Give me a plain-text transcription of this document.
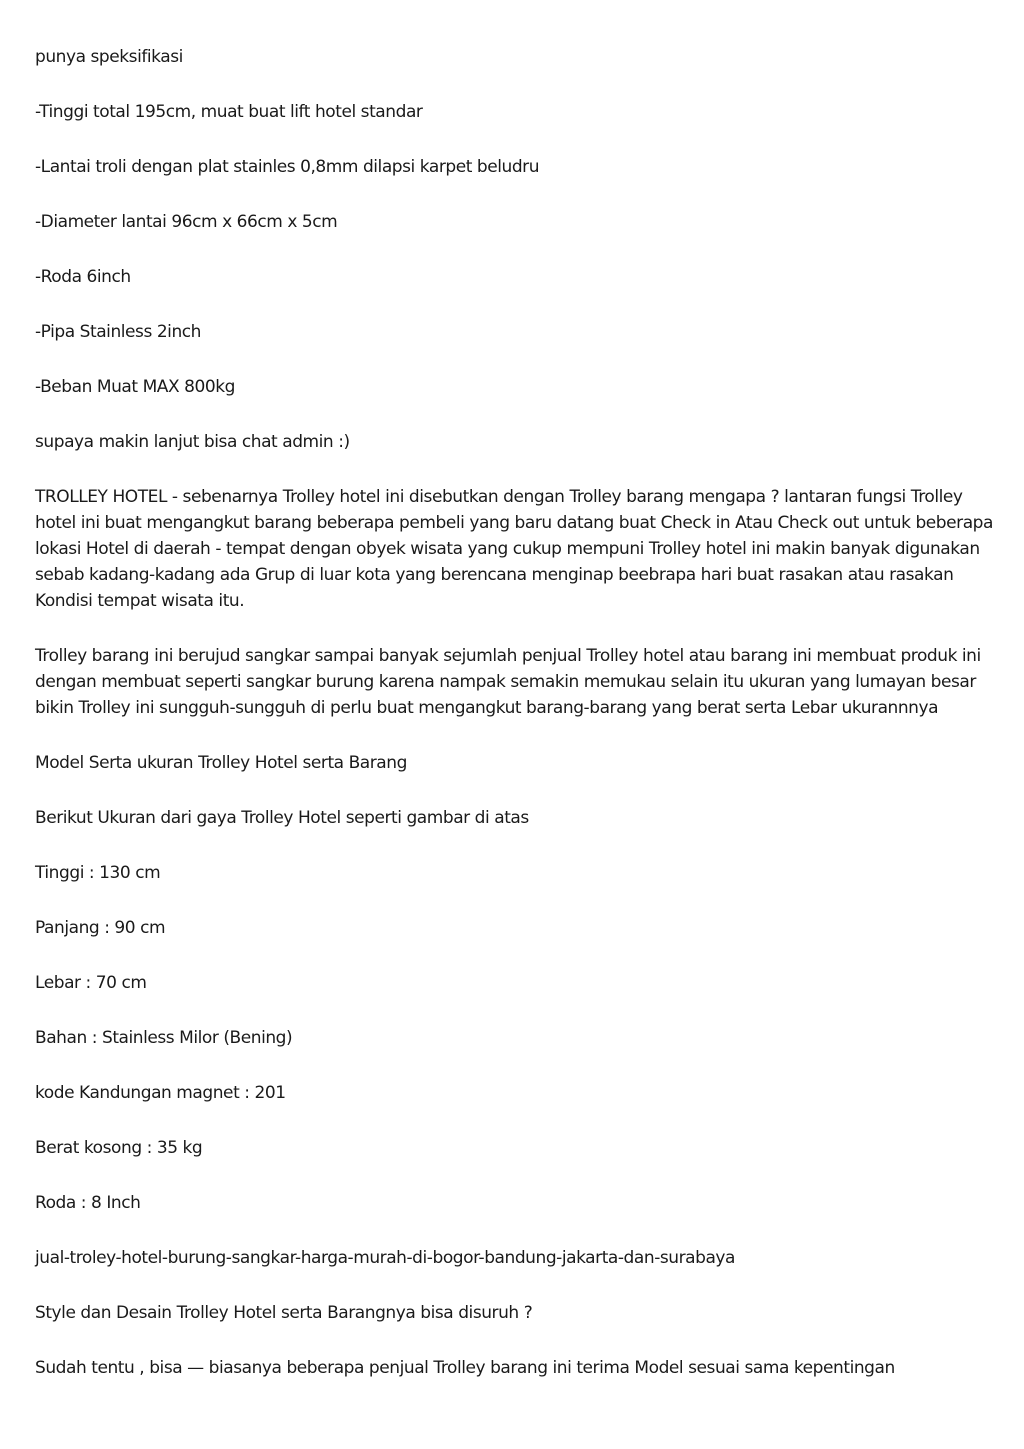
punya speksifikasi

-Tinggi total 195cm, muat buat lift hotel standar

-Lantai troli dengan plat stainles 0,8mm dilapsi karpet beludru

-Diameter lantai 96cm x 66cm x 5cm

-Roda 6inch

-Pipa Stainless 2inch

-Beban Muat MAX 800kg

supaya makin lanjut bisa chat admin :)

TROLLEY HOTEL - sebenarnya Trolley hotel ini disebutkan dengan Trolley barang mengapa ? lantaran fungsi Trolley hotel ini buat mengangkut barang beberapa pembeli yang baru datang buat Check in Atau Check out untuk beberapa lokasi Hotel di daerah - tempat dengan obyek wisata yang cukup mempuni Trolley hotel ini makin banyak digunakan sebab kadang-kadang ada Grup di luar kota yang berencana menginap beebrapa hari buat rasakan atau rasakan Kondisi tempat wisata itu.

Trolley barang ini berujud sangkar sampai banyak sejumlah penjual Trolley hotel atau barang ini membuat produk ini dengan membuat seperti sangkar burung karena nampak semakin memukau selain itu ukuran yang lumayan besar bikin Trolley ini sungguh-sungguh di perlu buat mengangkut barang-barang yang berat serta Lebar ukurannnya

Model Serta ukuran Trolley Hotel serta Barang

Berikut Ukuran dari gaya Trolley Hotel seperti gambar di atas

Tinggi : 130 cm

Panjang : 90 cm

Lebar : 70 cm

Bahan : Stainless Milor (Bening)

kode Kandungan magnet : 201

Berat kosong : 35 kg

Roda : 8 Inch

jual-troley-hotel-burung-sangkar-harga-murah-di-bogor-bandung-jakarta-dan-surabaya

Style dan Desain Trolley Hotel serta Barangnya bisa disuruh ?

Sudah tentu , bisa — biasanya beberapa penjual Trolley barang ini terima Model sesuai sama kepentingan
